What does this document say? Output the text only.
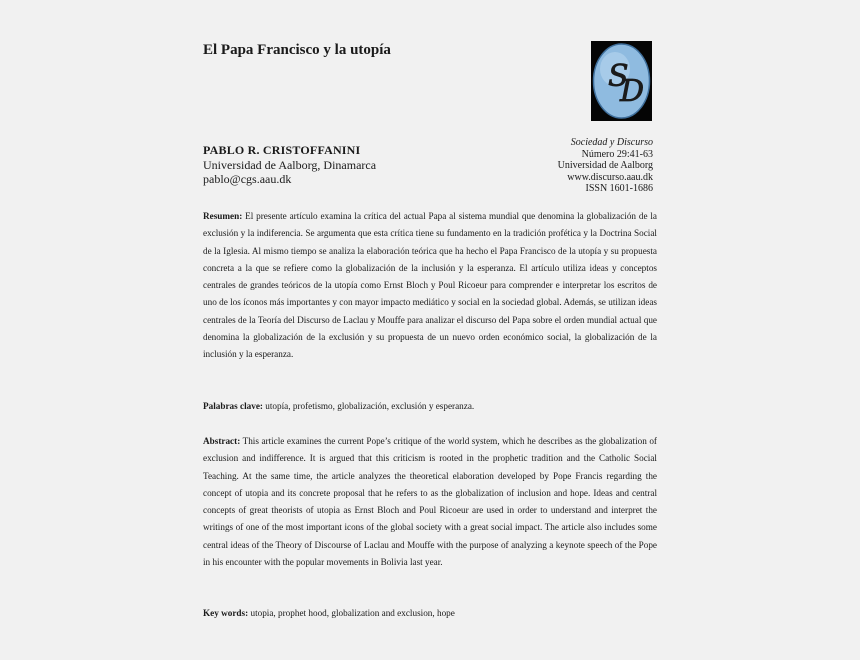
El Papa Francisco y la utopía
S
D
PABLO R. CRISTOFFANINI
Universidad de Aalborg, Dinamarca
pablo@cgs.aau.dk
Sociedad y Discurso
Número 29:41-63
Universidad de Aalborg
www.discurso.aau.dk
ISSN 1601-1686

Resumen: El presente artículo examina la crítica del actual Papa al sistema mundial que denomina la globalización de la exclusión y la indiferencia. Se argumenta que esta crítica tiene su fundamento en la tradición profética y la Doctrina Social de la Iglesia. Al mismo tiempo se analiza la elaboración teórica que ha hecho el Papa Francisco de la utopía y su propuesta concreta a la que se refiere como la globalización de la inclusión y la esperanza. El artículo utiliza ideas y conceptos centrales de grandes teóricos de la utopía como Ernst Bloch y Poul Ricoeur para comprender e interpretar los escritos de uno de los íconos más importantes y con mayor impacto mediático y social en la sociedad global. Además, se utilizan ideas centrales de la Teoría del Discurso de Laclau y Mouffe para analizar el discurso del Papa sobre el orden mundial actual que denomina la globalización de la exclusión y su propuesta de un nuevo orden económico social, la globalización de la inclusión y la esperanza.

Palabras clave: utopía, profetismo, globalización, exclusión y esperanza.

Abstract: This article examines the current Pope’s critique of the world system, which he describes as the globalization of exclusion and indifference. It is argued that this criticism is rooted in the prophetic tradition and the Catholic Social Teaching. At the same time, the article analyzes the theoretical elaboration developed by Pope Francis regarding the concept of utopia and its concrete proposal that he refers to as the globalization of inclusion and hope. Ideas and central concepts of great theorists of utopia as Ernst Bloch and Poul Ricoeur are used in order to understand and interpret the writings of one of the most important icons of the global society with a great social impact. The article also includes some central ideas of the Theory of Discourse of Laclau and Mouffe with the purpose of analyzing a keynote speech of the Pope in his encounter with the popular movements in Bolivia last year.

Key words: utopia, prophet hood, globalization and exclusion, hope
